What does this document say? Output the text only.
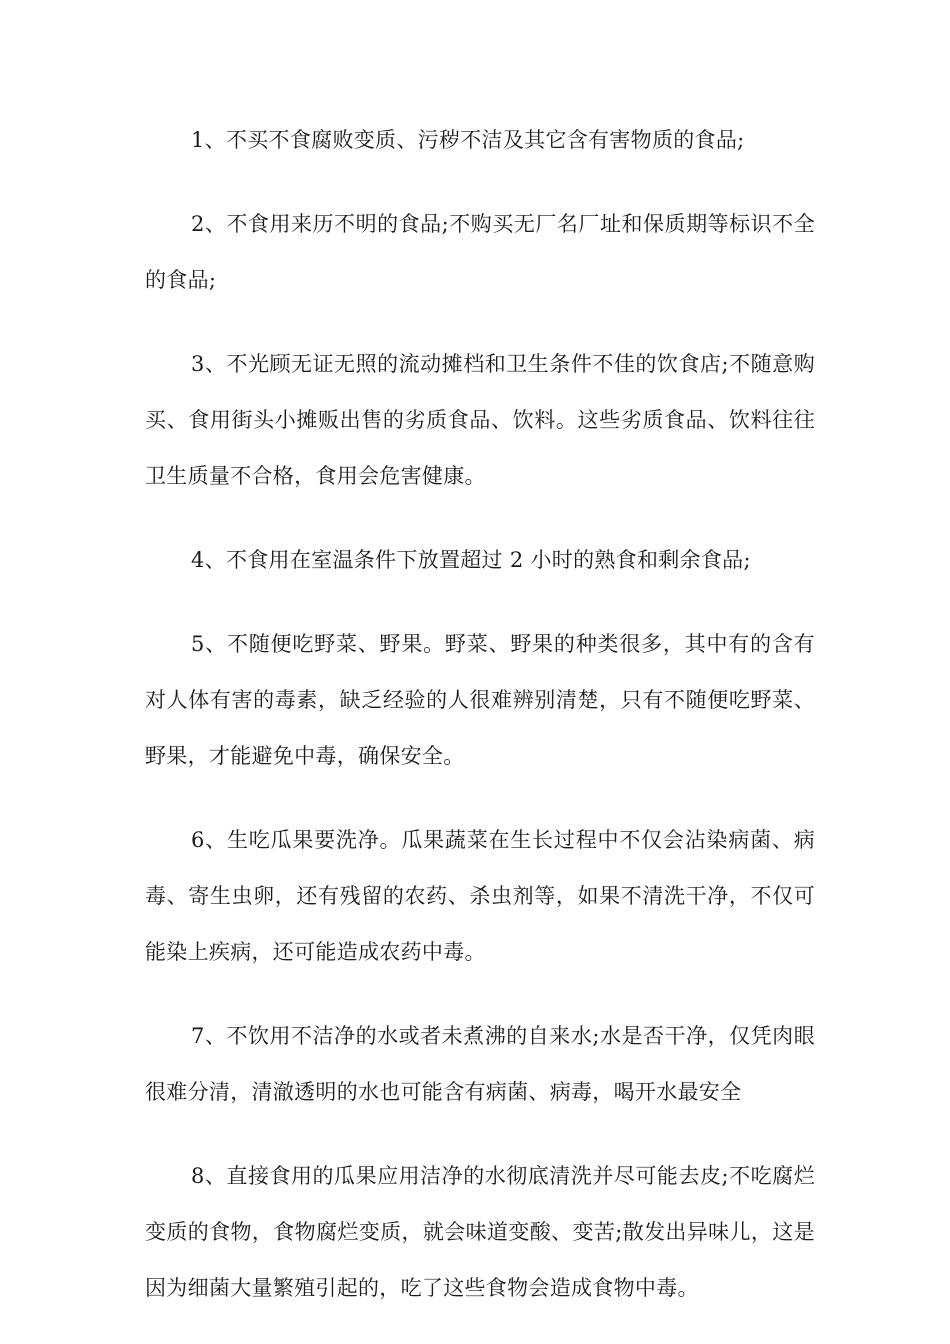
1、不买不食腐败变质、污秽不洁及其它含有害物质的食品;

2、不食用来历不明的食品;不购买无厂名厂址和保质期等标识不全的食品;

3、不光顾无证无照的流动摊档和卫生条件不佳的饮食店;不随意购买、食用街头小摊贩出售的劣质食品、饮料。这些劣质食品、饮料往往卫生质量不合格，食用会危害健康。

4、不食用在室温条件下放置超过 2 小时的熟食和剩余食品;

5、不随便吃野菜、野果。野菜、野果的种类很多，其中有的含有对人体有害的毒素，缺乏经验的人很难辨别清楚，只有不随便吃野菜、野果，才能避免中毒，确保安全。

6、生吃瓜果要洗净。瓜果蔬菜在生长过程中不仅会沾染病菌、病毒、寄生虫卵，还有残留的农药、杀虫剂等，如果不清洗干净，不仅可能染上疾病，还可能造成农药中毒。

7、不饮用不洁净的水或者未煮沸的自来水;水是否干净，仅凭肉眼很难分清，清澈透明的水也可能含有病菌、病毒，喝开水最安全

8、直接食用的瓜果应用洁净的水彻底清洗并尽可能去皮;不吃腐烂变质的食物，食物腐烂变质，就会味道变酸、变苦;散发出异味儿，这是因为细菌大量繁殖引起的，吃了这些食物会造成食物中毒。
